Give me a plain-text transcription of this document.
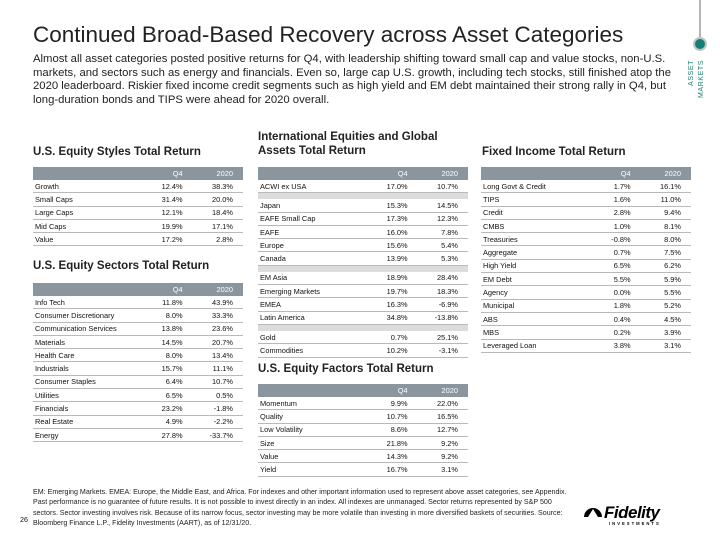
Continued Broad-Based Recovery across Asset Categories
Almost all asset categories posted positive returns for Q4, with leadership shifting toward small cap and value stocks, non-U.S. markets, and sectors such as energy and financials. Even so, large cap U.S. growth, including tech stocks, still finished atop the 2020 leaderboard. Riskier fixed income credit segments such as high yield and EM debt maintained their strong rally in Q4, but long-duration bonds and TIPS were ahead for 2020 overall.
ASSET MARKETS
U.S. Equity Styles Total Return
	Q4	2020
Growth	12.4%	38.3%
Small Caps	31.4%	20.0%
Large Caps	12.1%	18.4%
Mid Caps	19.9%	17.1%
Value	17.2%	2.8%
U.S. Equity Sectors Total Return
	Q4	2020
Info Tech	11.8%	43.9%
Consumer Discretionary	8.0%	33.3%
Communication Services	13.8%	23.6%
Materials	14.5%	20.7%
Health Care	8.0%	13.4%
Industrials	15.7%	11.1%
Consumer Staples	6.4%	10.7%
Utilities	6.5%	0.5%
Financials	23.2%	-1.8%
Real Estate	4.9%	-2.2%
Energy	27.8%	-33.7%
International Equities and Global Assets Total Return
	Q4	2020
ACWI ex USA	17.0%	10.7%

Japan	15.3%	14.5%
EAFE Small Cap	17.3%	12.3%
EAFE	16.0%	7.8%
Europe	15.6%	5.4%
Canada	13.9%	5.3%

EM Asia	18.9%	28.4%
Emerging Markets	19.7%	18.3%
EMEA	16.3%	-6.9%
Latin America	34.8%	-13.8%

Gold	0.7%	25.1%
Commodities	10.2%	-3.1%
Fixed Income Total Return
	Q4	2020
Long Govt & Credit	1.7%	16.1%
TIPS	1.6%	11.0%
Credit	2.8%	9.4%
CMBS	1.0%	8.1%
Treasuries	-0.8%	8.0%
Aggregate	0.7%	7.5%
High Yield	6.5%	6.2%
EM Debt	5.5%	5.9%
Agency	0.0%	5.5%
Municipal	1.8%	5.2%
ABS	0.4%	4.5%
MBS	0.2%	3.9%
Leveraged Loan	3.8%	3.1%
U.S. Equity Factors Total Return
	Q4	2020
Momentum	9.9%	22.0%
Quality	10.7%	16.5%
Low Volatility	8.6%	12.7%
Size	21.8%	9.2%
Value	14.3%	9.2%
Yield	16.7%	3.1%
EM: Emerging Markets. EMEA: Europe, the Middle East, and Africa. For indexes and other important information used to represent above asset categories, see Appendix. Past performance is no guarantee of future results. It is not possible to invest directly in an index. All indexes are unmanaged. Sector returns represented by S&P 500 sectors. Sector investing involves risk. Because of its narrow focus, sector investing may be more volatile than investing in more diversified baskets of securities. Source: Bloomberg Finance L.P., Fidelity Investments (AART), as of 12/31/20.
26	Fidelity
INVESTMENTS
